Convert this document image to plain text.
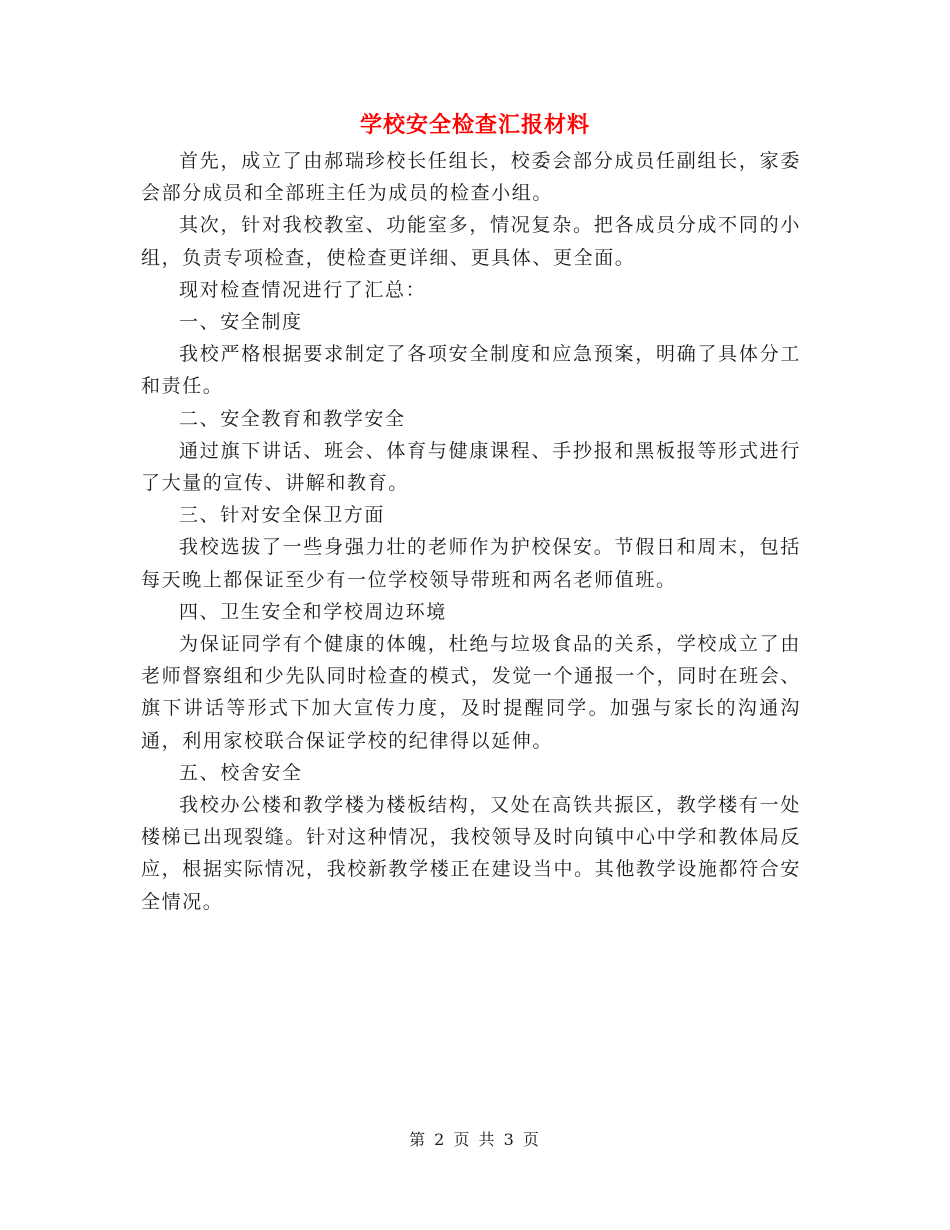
学校安全检查汇报材料

首先，成立了由郝瑞珍校长任组长，校委会部分成员任副组长，家委会部分成员和全部班主任为成员的检查小组。

其次，针对我校教室、功能室多，情况复杂。把各成员分成不同的小组，负责专项检查，使检查更详细、更具体、更全面。

现对检查情况进行了汇总：

一、安全制度

我校严格根据要求制定了各项安全制度和应急预案，明确了具体分工和责任。

二、安全教育和教学安全

通过旗下讲话、班会、体育与健康课程、手抄报和黑板报等形式进行了大量的宣传、讲解和教育。

三、针对安全保卫方面

我校选拔了一些身强力壮的老师作为护校保安。节假日和周末，包括每天晚上都保证至少有一位学校领导带班和两名老师值班。

四、卫生安全和学校周边环境

为保证同学有个健康的体魄，杜绝与垃圾食品的关系，学校成立了由老师督察组和少先队同时检查的模式，发觉一个通报一个，同时在班会、旗下讲话等形式下加大宣传力度，及时提醒同学。加强与家长的沟通沟通，利用家校联合保证学校的纪律得以延伸。

五、校舍安全

我校办公楼和教学楼为楼板结构，又处在高铁共振区，教学楼有一处楼梯已出现裂缝。针对这种情况，我校领导及时向镇中心中学和教体局反应，根据实际情况，我校新教学楼正在建设当中。其他教学设施都符合安全情况。

第 2 页 共 3 页
